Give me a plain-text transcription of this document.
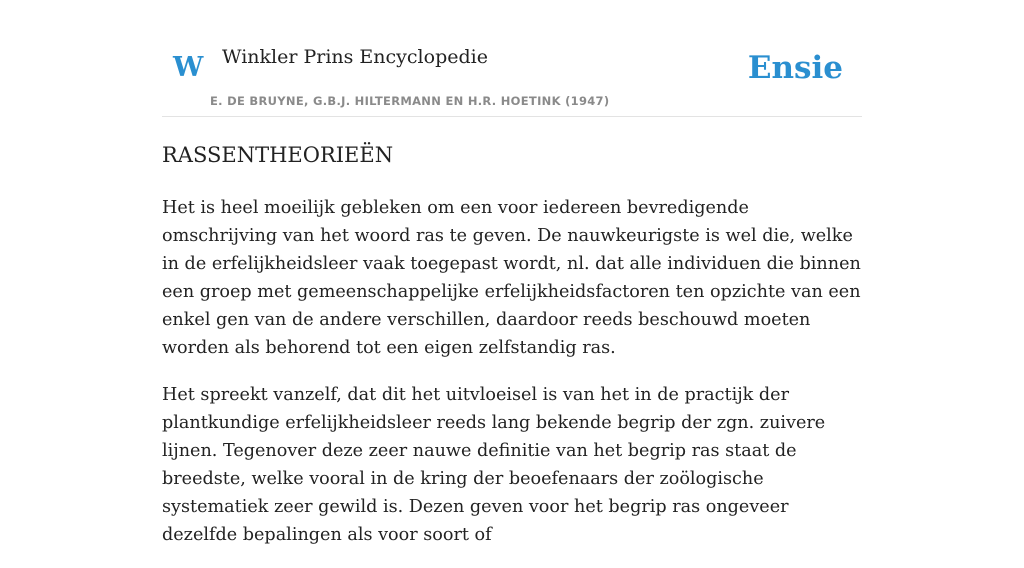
W Winkler Prins Encyclopedie
E. DE BRUYNE, G.B.J. HILTERMANN EN H.R. HOETINK (1947)
Ensie
RASSENTHEORIEËN

Het is heel moeilijk gebleken om een voor iedereen bevredigende omschrijving van het woord ras te geven. De nauwkeurigste is wel die, welke in de erfelijkheidsleer vaak toegepast wordt, nl. dat alle individuen die binnen een groep met gemeenschappelijke erfelijkheidsfactoren ten opzichte van een enkel gen van de andere verschillen, daardoor reeds beschouwd moeten worden als behorend tot een eigen zelfstandig ras.

Het spreekt vanzelf, dat dit het uitvloeisel is van het in de practijk der plantkundige erfelijkheidsleer reeds lang bekende begrip der zgn. zuivere lijnen. Tegenover deze zeer nauwe definitie van het begrip ras staat de breedste, welke vooral in de kring der beoefenaars der zoölogische systematiek zeer gewild is. Dezen geven voor het begrip ras ongeveer dezelfde bepalingen als voor soort of
